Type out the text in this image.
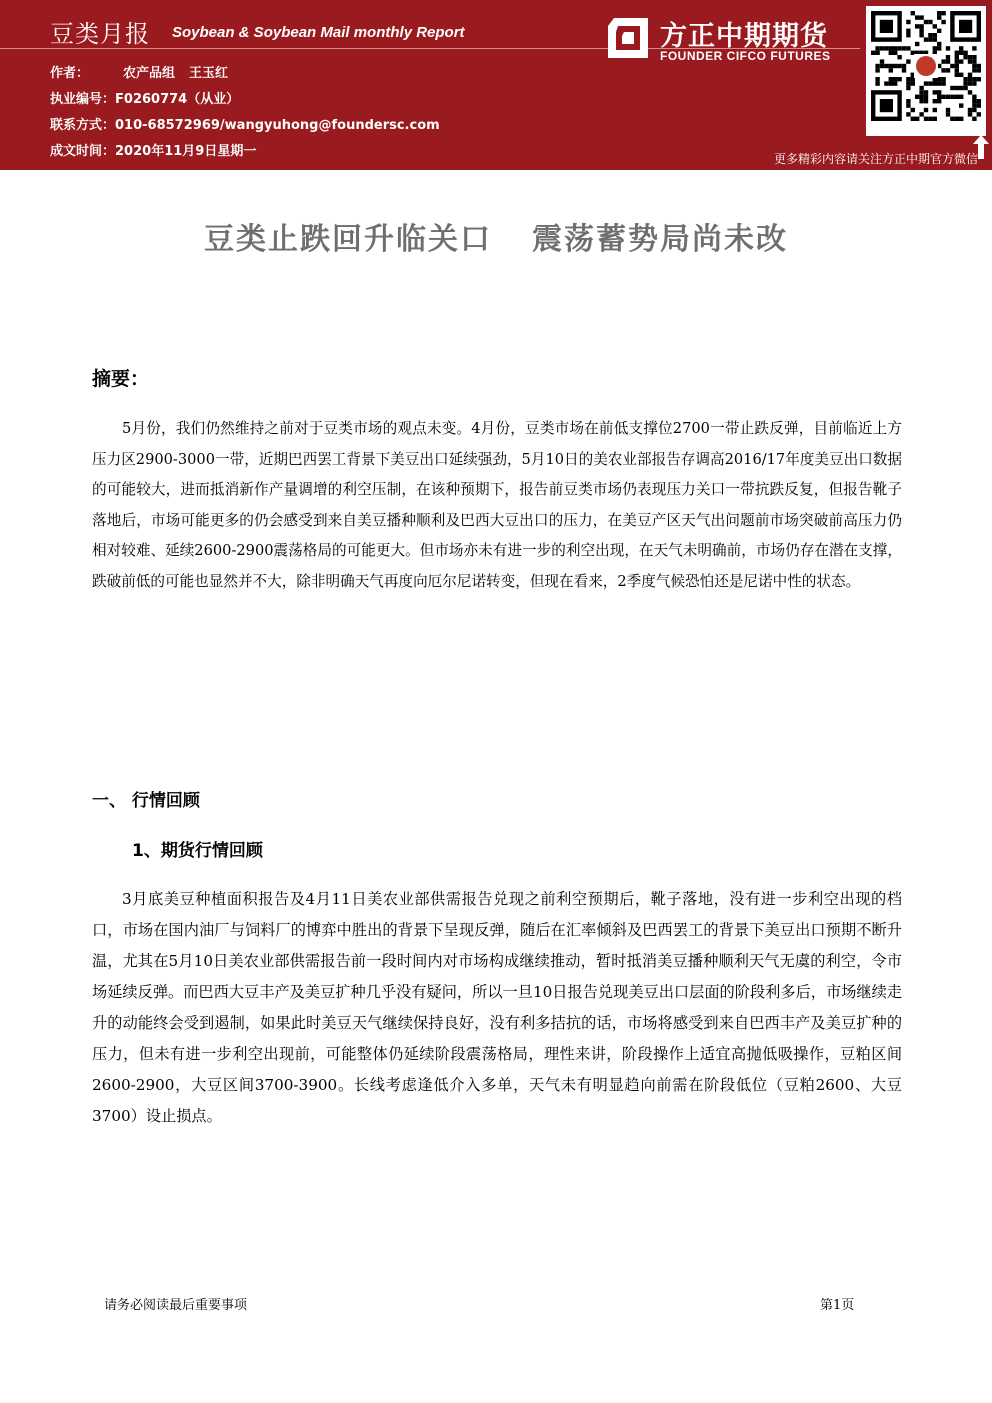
豆类月报 Soybean & Soybean Mail monthly Report
作者：	农产品组 王玉红
执业编号：F0260774（从业）
联系方式：010-68572969/wangyuhong@foundersc.com
成文时间：2020年11月9日星期一
方正中期期货
FOUNDER CIFCO FUTURES
更多精彩内容请关注方正中期官方微信
豆类止跌回升临关口 震荡蓄势局尚未改
摘要：
5月份，我们仍然维持之前对于豆类市场的观点未变。4月份，豆类市场在前低支撑位2700一带止跌反弹，目前临近上方压力区2900-3000一带，近期巴西罢工背景下美豆出口延续强劲，5月10日的美农业部报告存调高2016/17年度美豆出口数据的可能较大，进而抵消新作产量调增的利空压制，在该种预期下，报告前豆类市场仍表现压力关口一带抗跌反复，但报告靴子落地后，市场可能更多的仍会感受到来自美豆播种顺利及巴西大豆出口的压力，在美豆产区天气出问题前市场突破前高压力仍相对较难、延续2600-2900震荡格局的可能更大。但市场亦未有进一步的利空出现，在天气未明确前，市场仍存在潜在支撑，跌破前低的可能也显然并不大，除非明确天气再度向厄尔尼诺转变，但现在看来，2季度气候恐怕还是尼诺中性的状态。
一、 行情回顾
1、期货行情回顾
3月底美豆种植面积报告及4月11日美农业部供需报告兑现之前利空预期后，靴子落地，没有进一步利空出现的档口，市场在国内油厂与饲料厂的博弈中胜出的背景下呈现反弹，随后在汇率倾斜及巴西罢工的背景下美豆出口预期不断升温，尤其在5月10日美农业部供需报告前一段时间内对市场构成继续推动，暂时抵消美豆播种顺利天气无虞的利空，令市场延续反弹。而巴西大豆丰产及美豆扩种几乎没有疑问，所以一旦10日报告兑现美豆出口层面的阶段利多后，市场继续走升的动能终会受到遏制，如果此时美豆天气继续保持良好，没有利多拮抗的话，市场将感受到来自巴西丰产及美豆扩种的压力，但未有进一步利空出现前，可能整体仍延续阶段震荡格局，理性来讲，阶段操作上适宜高抛低吸操作，豆粕区间2600-2900，大豆区间3700-3900。长线考虑逢低介入多单，天气未有明显趋向前需在阶段低位（豆粕2600、大豆3700）设止损点。
请务必阅读最后重要事项	第1页
